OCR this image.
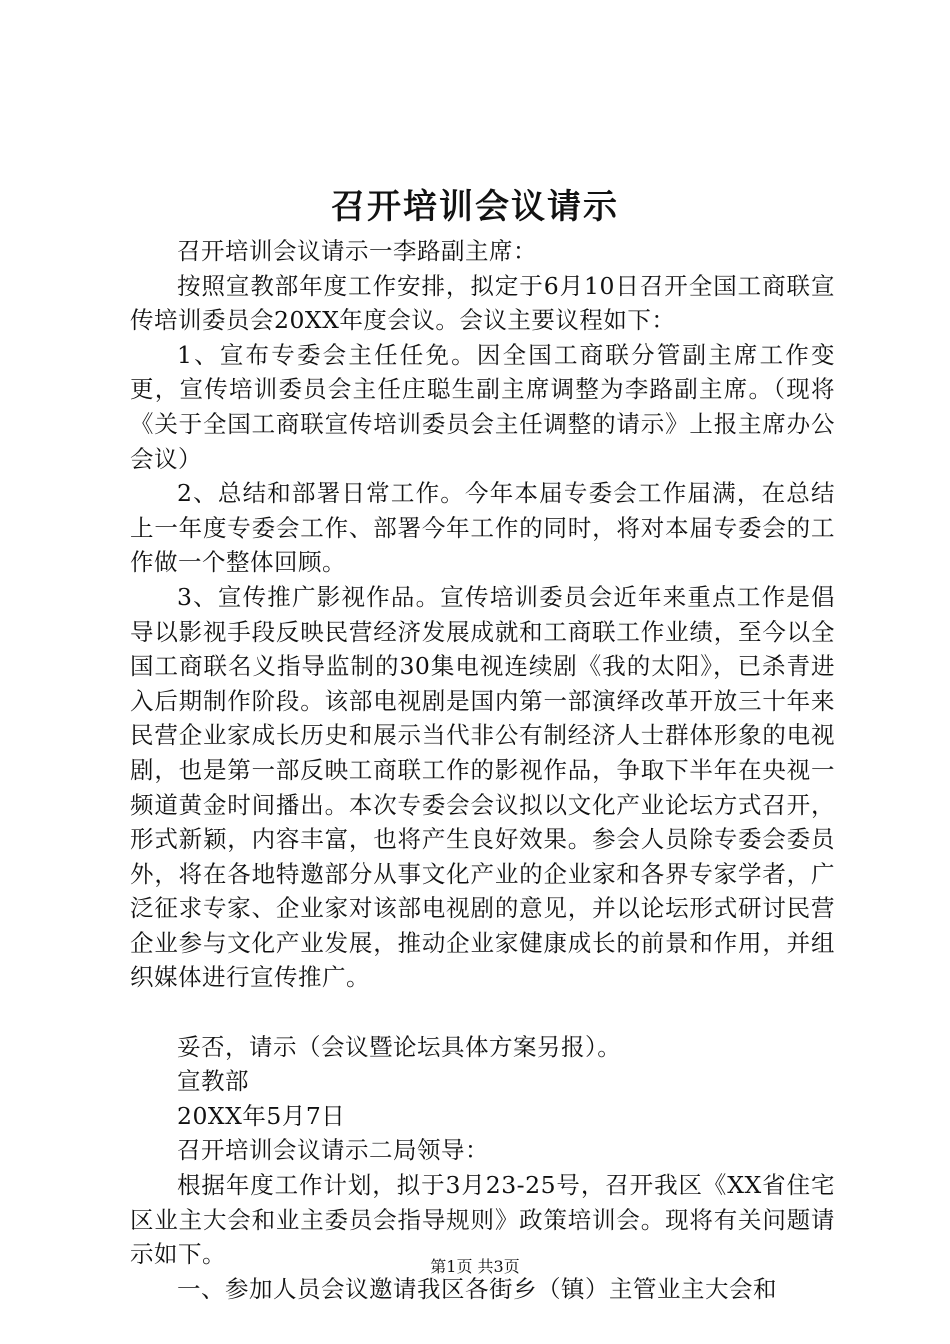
召开培训会议请示

召开培训会议请示一李路副主席：

按照宣教部年度工作安排，拟定于6月10日召开全国工商联宣传培训委员会20XX年度会议。会议主要议程如下：

1、宣布专委会主任任免。因全国工商联分管副主席工作变更，宣传培训委员会主任庄聪生副主席调整为李路副主席。（现将《关于全国工商联宣传培训委员会主任调整的请示》上报主席办公会议）

2、总结和部署日常工作。今年本届专委会工作届满，在总结上一年度专委会工作、部署今年工作的同时，将对本届专委会的工作做一个整体回顾。

3、宣传推广影视作品。宣传培训委员会近年来重点工作是倡导以影视手段反映民营经济发展成就和工商联工作业绩，至今以全国工商联名义指导监制的30集电视连续剧《我的太阳》，已杀青进入后期制作阶段。该部电视剧是国内第一部演绎改革开放三十年来民营企业家成长历史和展示当代非公有制经济人士群体形象的电视剧，也是第一部反映工商联工作的影视作品，争取下半年在央视一频道黄金时间播出。本次专委会会议拟以文化产业论坛方式召开，形式新颖，内容丰富，也将产生良好效果。参会人员除专委会委员外，将在各地特邀部分从事文化产业的企业家和各界专家学者，广泛征求专家、企业家对该部电视剧的意见，并以论坛形式研讨民营企业参与文化产业发展，推动企业家健康成长的前景和作用，并组织媒体进行宣传推广。

妥否，请示（会议暨论坛具体方案另报）。

宣教部

20XX年5月7日

召开培训会议请示二局领导：

根据年度工作计划，拟于3月23-25号，召开我区《XX省住宅区业主大会和业主委员会指导规则》政策培训会。现将有关问题请示如下。

一、参加人员会议邀请我区各街乡（镇）主管业主大会和

第1页 共3页
